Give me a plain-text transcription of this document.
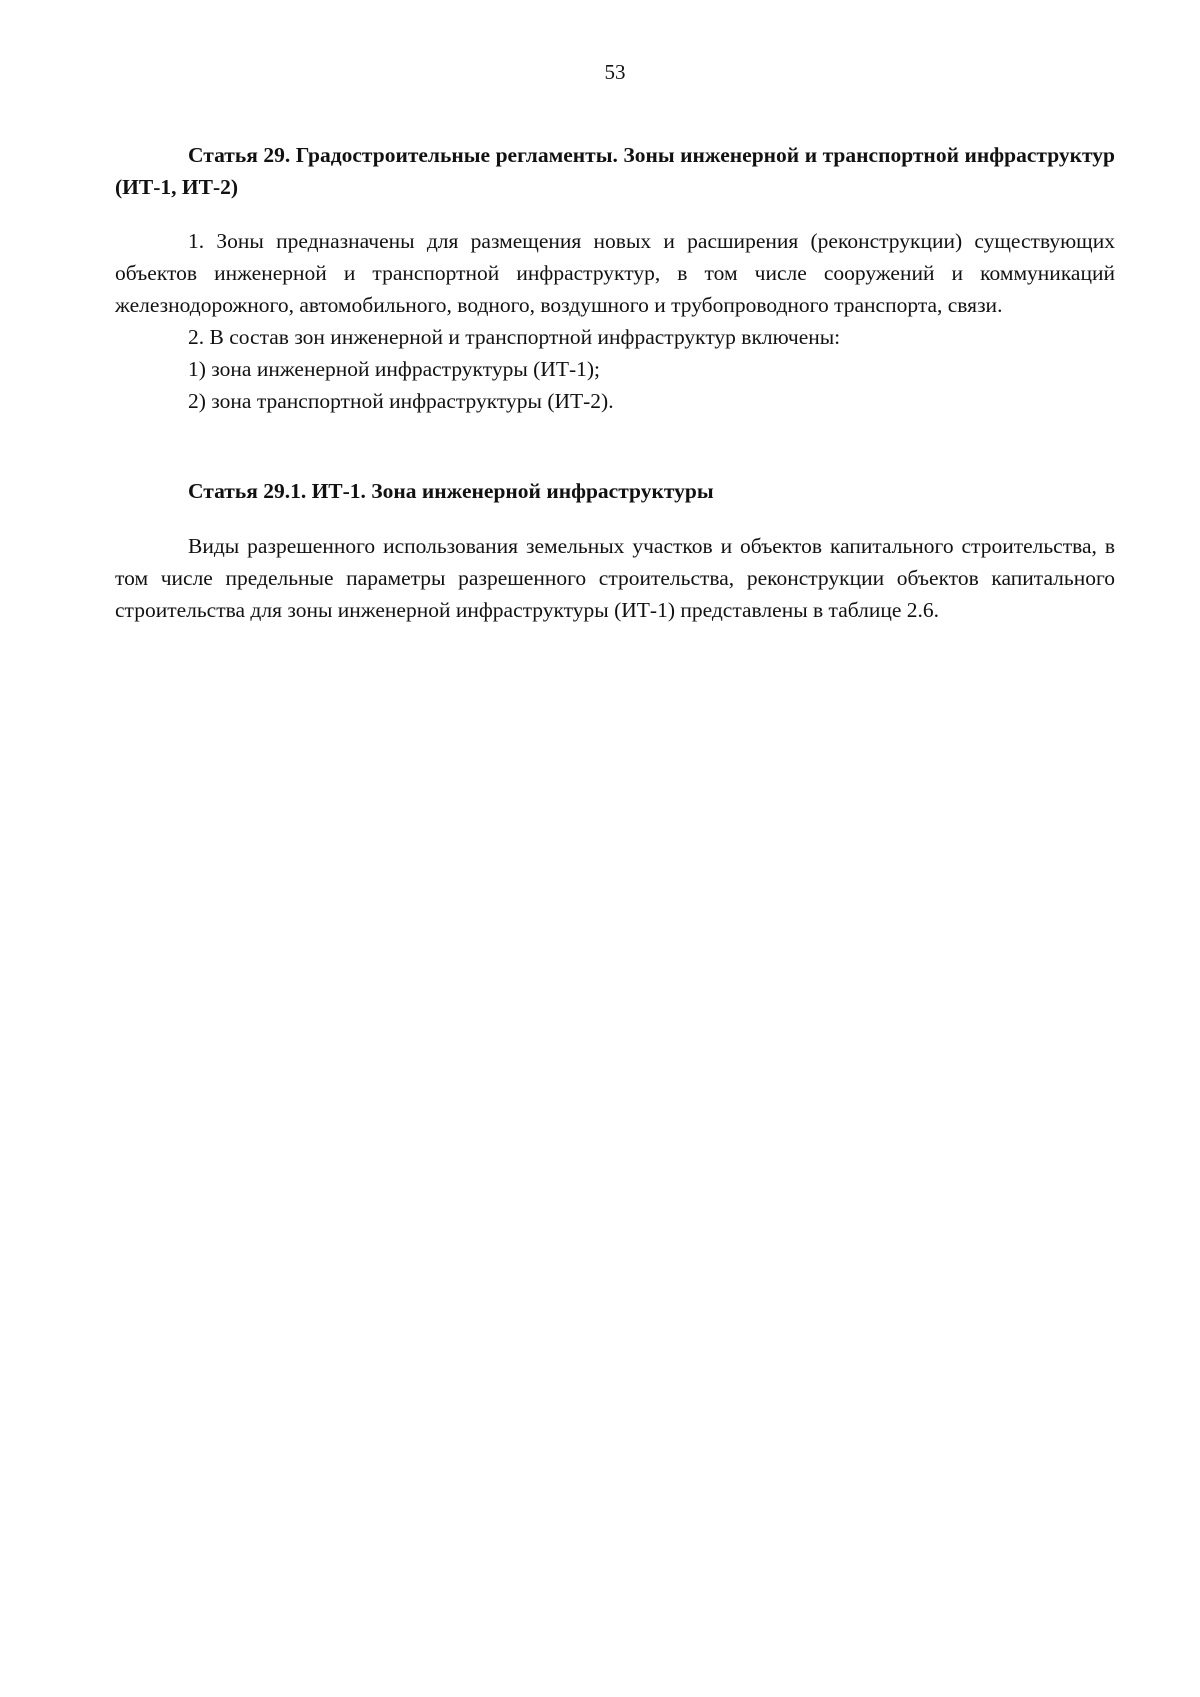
53
Статья 29. Градостроительные регламенты. Зоны инженерной и транспортной инфраструктур (ИТ-1, ИТ-2)

1. Зоны предназначены для размещения новых и расширения (реконструкции) существующих объектов инженерной и транспортной инфраструктур, в том числе сооружений и коммуникаций железнодорожного, автомобильного, водного, воздушного и трубопроводного транспорта, связи.

2. В состав зон инженерной и транспортной инфраструктур включены:

1) зона инженерной инфраструктуры (ИТ-1);

2) зона транспортной инфраструктуры (ИТ-2).

Статья 29.1. ИТ-1. Зона инженерной инфраструктуры

Виды разрешенного использования земельных участков и объектов капитального строительства, в том числе предельные параметры разрешенного строительства, реконструкции объектов капитального строительства для зоны инженерной инфраструктуры (ИТ-1) представлены в таблице 2.6.
